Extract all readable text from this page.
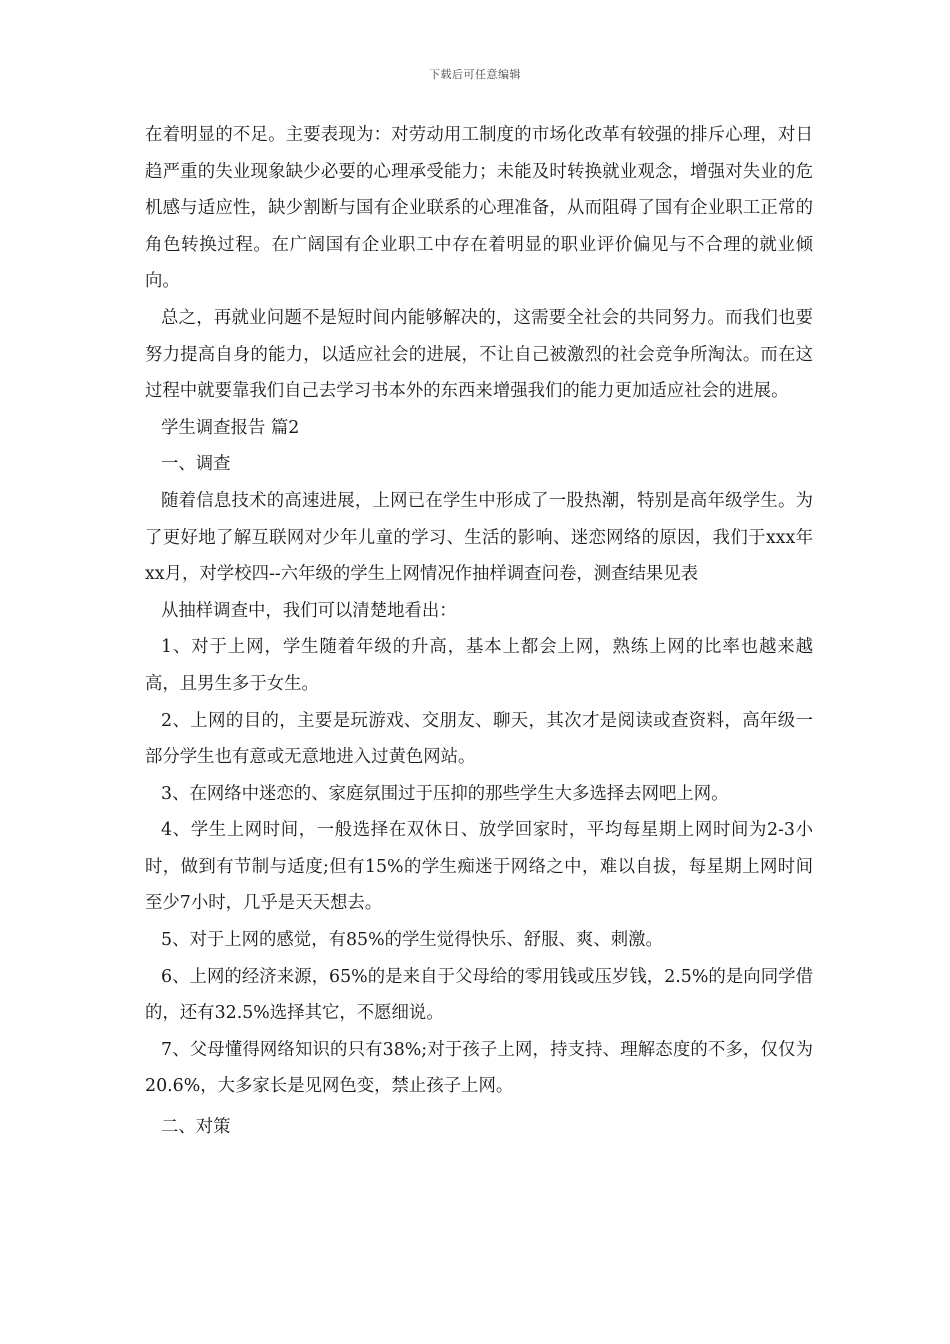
下载后可任意编辑

在着明显的不足。主要表现为：对劳动用工制度的市场化改革有较强的排斥心理，对日趋严重的失业现象缺少必要的心理承受能力；未能及时转换就业观念，增强对失业的危机感与适应性，缺少割断与国有企业联系的心理准备，从而阻碍了国有企业职工正常的角色转换过程。在广阔国有企业职工中存在着明显的职业评价偏见与不合理的就业倾向。

总之，再就业问题不是短时间内能够解决的，这需要全社会的共同努力。而我们也要努力提高自身的能力，以适应社会的进展，不让自己被激烈的社会竞争所淘汰。而在这过程中就要靠我们自己去学习书本外的东西来增强我们的能力更加适应社会的进展。

学生调查报告 篇2

一、调查

随着信息技术的高速进展，上网已在学生中形成了一股热潮，特别是高年级学生。为了更好地了解互联网对少年儿童的学习、生活的影响、迷恋网络的原因，我们于xxx年xx月，对学校四--六年级的学生上网情况作抽样调查问卷，测查结果见表

从抽样调查中，我们可以清楚地看出：

1、对于上网，学生随着年级的升高，基本上都会上网，熟练上网的比率也越来越高，且男生多于女生。

2、上网的目的，主要是玩游戏、交朋友、聊天，其次才是阅读或查资料，高年级一部分学生也有意或无意地进入过黄色网站。

3、在网络中迷恋的、家庭氛围过于压抑的那些学生大多选择去网吧上网。

4、学生上网时间，一般选择在双休日、放学回家时，平均每星期上网时间为2-3小时，做到有节制与适度;但有15%的学生痴迷于网络之中，难以自拔，每星期上网时间至少7小时，几乎是天天想去。

5、对于上网的感觉，有85%的学生觉得快乐、舒服、爽、刺激。

6、上网的经济来源，65%的是来自于父母给的零用钱或压岁钱，2.5%的是向同学借的，还有32.5%选择其它，不愿细说。

7、父母懂得网络知识的只有38%;对于孩子上网，持支持、理解态度的不多，仅仅为20.6%，大多家长是见网色变，禁止孩子上网。

二、对策
